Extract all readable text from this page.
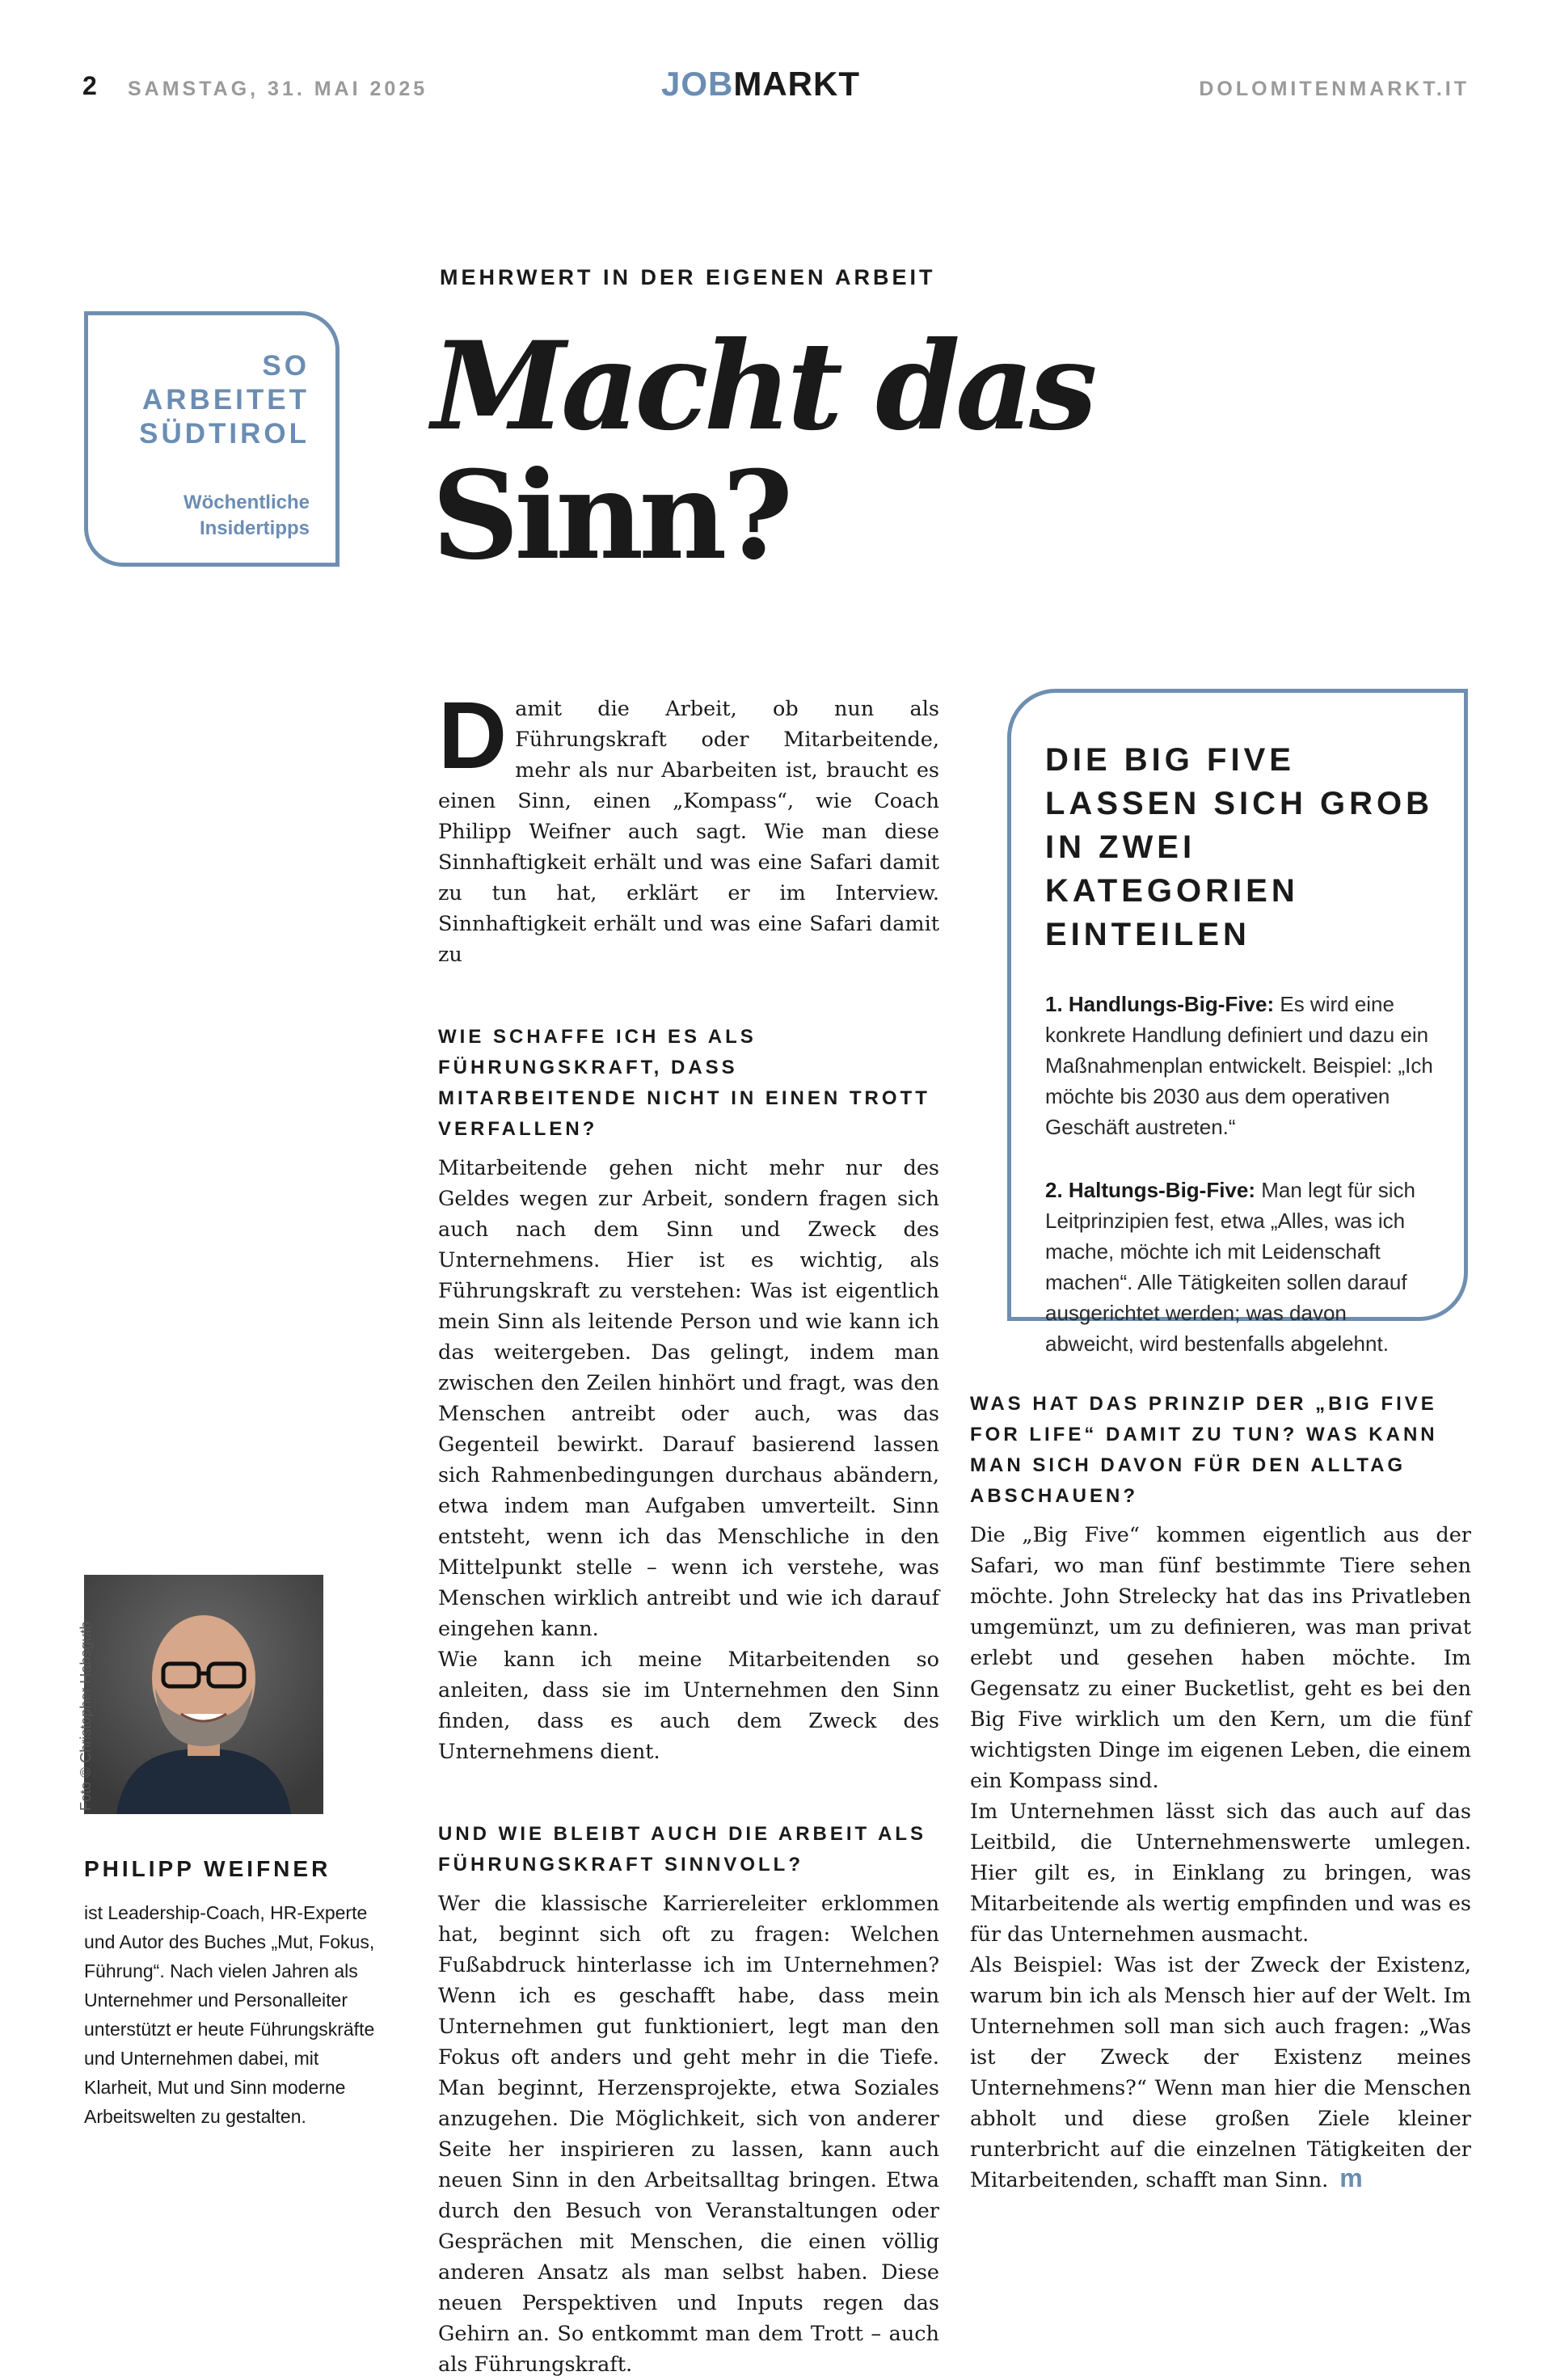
2 SAMSTAG, 31. MAI 2025	JOBMARKT	DOLOMITENMARKT.IT
SO ARBEITET SÜDTIROL
Wöchentliche Insidertipps
MEHRWERT IN DER EIGENEN ARBEIT
Macht das
Sinn?
Damit die Arbeit, ob nun als Führungskraft oder Mitarbeitende, mehr als nur Abarbeiten ist, braucht es einen Sinn, einen „Kompass“, wie Coach Philipp Weifner auch sagt. Wie man diese Sinnhaftigkeit erhält und was eine Safari damit zu tun hat, erklärt er im Interview. Sinnhaftigkeit erhält und was eine Safari damit zu
WIE SCHAFFE ICH ES ALS FÜHRUNGSKRAFT, DASS MITARBEITENDE NICHT IN EINEN TROTT VERFALLEN?

Mitarbeitende gehen nicht mehr nur des Geldes wegen zur Arbeit, sondern fragen sich auch nach dem Sinn und Zweck des Unternehmens. Hier ist es wichtig, als Führungskraft zu verstehen: Was ist eigentlich mein Sinn als leitende Person und wie kann ich das weitergeben. Das gelingt, indem man zwischen den Zeilen hinhört und fragt, was den Menschen antreibt oder auch, was das Gegenteil bewirkt. Darauf basierend lassen sich Rahmenbedingungen durchaus abändern, etwa indem man Aufgaben umverteilt. Sinn entsteht, wenn ich das Menschliche in den Mittelpunkt stelle – wenn ich verstehe, was Menschen wirklich antreibt und wie ich darauf eingehen kann.

Wie kann ich meine Mitarbeitenden so anleiten, dass sie im Unternehmen den Sinn finden, dass es auch dem Zweck des Unternehmens dient.

UND WIE BLEIBT AUCH DIE ARBEIT ALS FÜHRUNGSKRAFT SINNVOLL?

Wer die klassische Karriereleiter erklommen hat, beginnt sich oft zu fragen: Welchen Fußabdruck hinterlasse ich im Unternehmen? Wenn ich es geschafft habe, dass mein Unternehmen gut funktioniert, legt man den Fokus oft anders und geht mehr in die Tiefe. Man beginnt, Herzensprojekte, etwa Soziales anzugehen. Die Möglichkeit, sich von anderer Seite her inspirieren zu lassen, kann auch neuen Sinn in den Arbeitsalltag bringen. Etwa durch den Besuch von Veranstaltungen oder Gesprächen mit Menschen, die einen völlig anderen Ansatz als man selbst haben. Diese neuen Perspektiven und Inputs regen das Gehirn an. So entkommt man dem Trott – auch als Führungskraft.

DIE BIG FIVE LASSEN SICH GROB IN ZWEI KATEGORIEN EINTEILEN

1. Handlungs-Big-Five: Es wird eine konkrete Handlung definiert und dazu ein Maßnahmenplan entwickelt. Beispiel: „Ich möchte bis 2030 aus dem operativen Geschäft austreten.“

2. Haltungs-Big-Five: Man legt für sich Leitprinzipien fest, etwa „Alles, was ich mache, möchte ich mit Leidenschaft machen“. Alle Tätigkeiten sollen darauf ausgerichtet werden; was davon abweicht, wird bestenfalls abgelehnt.

WAS HAT DAS PRINZIP DER „BIG FIVE FOR LIFE“ DAMIT ZU TUN? WAS KANN MAN SICH DAVON FÜR DEN ALLTAG ABSCHAUEN?

Die „Big Five“ kommen eigentlich aus der Safari, wo man fünf bestimmte Tiere sehen möchte. John Strelecky hat das ins Privatleben umgemünzt, um zu definieren, was man privat erlebt und gesehen haben möchte. Im Gegensatz zu einer Bucketlist, geht es bei den Big Five wirklich um den Kern, um die fünf wichtigsten Dinge im eigenen Leben, die einem ein Kompass sind.

Im Unternehmen lässt sich das auch auf das Leitbild, die Unternehmenswerte umlegen. Hier gilt es, in Einklang zu bringen, was Mitarbeitende als wertig empfinden und was es für das Unternehmen ausmacht.

Als Beispiel: Was ist der Zweck der Existenz, warum bin ich als Mensch hier auf der Welt. Im Unternehmen soll man sich auch fragen: „Was ist der Zweck der Existenz meines Unternehmens?“ Wenn man hier die Menschen abholt und diese großen Ziele kleiner runterbricht auf die einzelnen Tätigkeiten der Mitarbeitenden, schafft man Sinn. m

Foto © Christopher Habsguth
PHILIPP WEIFNER
ist Leadership-Coach, HR-Experte und Autor des Buches „Mut, Fokus, Führung“. Nach vielen Jahren als Unternehmer und Personalleiter unterstützt er heute Führungskräfte und Unternehmen dabei, mit Klarheit, Mut und Sinn moderne Arbeitswelten zu gestalten.
